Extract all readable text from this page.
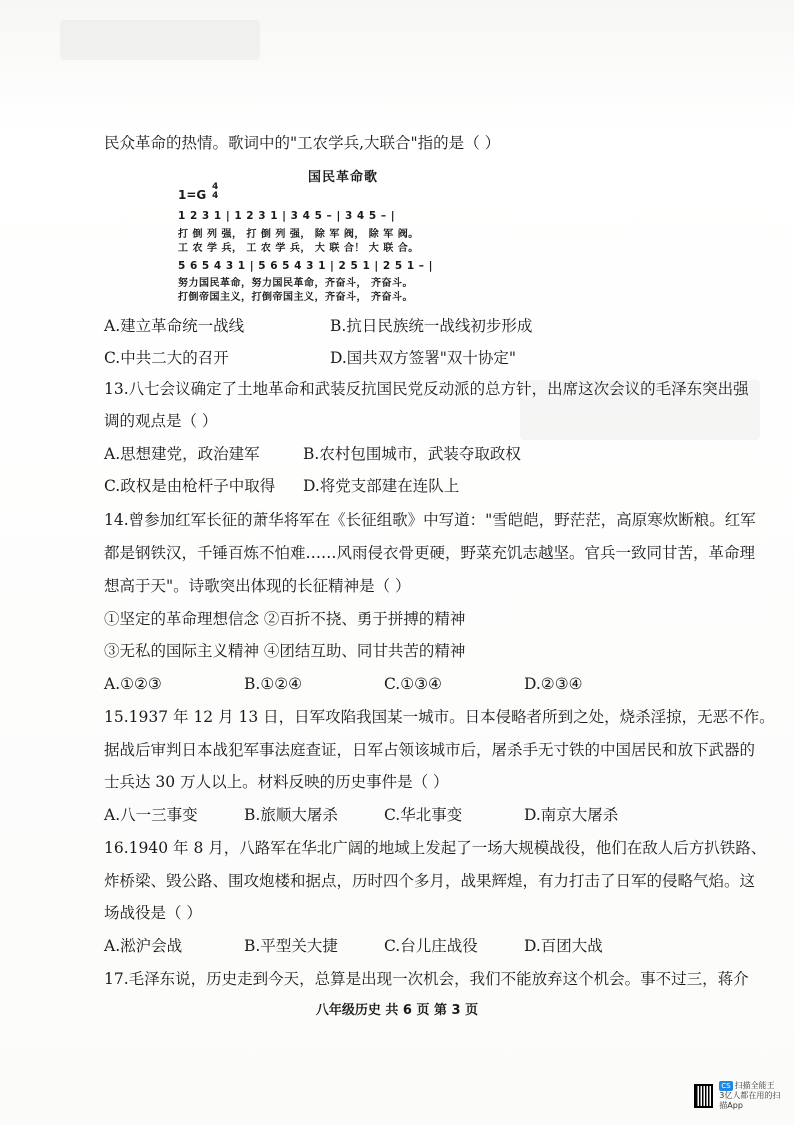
民众革命的热情。歌词中的"工农学兵,大联合"指的是（ ）
国民革命歌
1=G
4
4
1 2 3 1 | 1 2 3 1 | 3 4 5 – | 3 4 5 – |
打 倒 列 强， 打 倒 列 强， 除 军 阀， 除 军 阀。
工 农 学 兵， 工 农 学 兵， 大 联 合！ 大 联 合。
5 6 5 4 3 1 | 5 6 5 4 3 1 | 2 5 1 | 2 5 1 – |
努力国民革命，努力国民革命，齐奋斗， 齐奋斗。
打倒帝国主义，打倒帝国主义，齐奋斗， 齐奋斗。
A.建立革命统一战线	B.抗日民族统一战线初步形成
C.中共二大的召开	D.国共双方签署"双十协定"
13.八七会议确定了土地革命和武装反抗国民党反动派的总方针，出席这次会议的毛泽东突出强
调的观点是（ ）
A.思想建党，政治建军	B.农村包围城市，武装夺取政权
C.政权是由枪杆子中取得 D.将党支部建在连队上
14.曾参加红军长征的萧华将军在《长征组歌》中写道："雪皑皑，野茫茫，高原寒炊断粮。红军
都是钢铁汉，千锤百炼不怕难……风雨侵衣骨更硬，野菜充饥志越坚。官兵一致同甘苦，革命理
想高于天"。诗歌突出体现的长征精神是（ ）
①坚定的革命理想信念 ②百折不挠、勇于拼搏的精神
③无私的国际主义精神 ④团结互助、同甘共苦的精神
A.①②③	B.①②④	C.①③④	D.②③④
15.1937 年 12 月 13 日，日军攻陷我国某一城市。日本侵略者所到之处，烧杀淫掠，无恶不作。
据战后审判日本战犯军事法庭查证，日军占领该城市后，屠杀手无寸铁的中国居民和放下武器的
士兵达 30 万人以上。材料反映的历史事件是（ ）
A.八一三事变	B.旅顺大屠杀	C.华北事变	D.南京大屠杀
16.1940 年 8 月，八路军在华北广阔的地域上发起了一场大规模战役，他们在敌人后方扒铁路、
炸桥梁、毁公路、围攻炮楼和据点，历时四个多月，战果辉煌，有力打击了日军的侵略气焰。这
场战役是（ ）
A.淞沪会战	B.平型关大捷	C.台儿庄战役	D.百团大战
17.毛泽东说，历史走到今天，总算是出现一次机会，我们不能放弃这个机会。事不过三，蒋介
八年级历史 共 6 页 第 3 页
CS 扫描全能王
3亿人都在用的扫描App
